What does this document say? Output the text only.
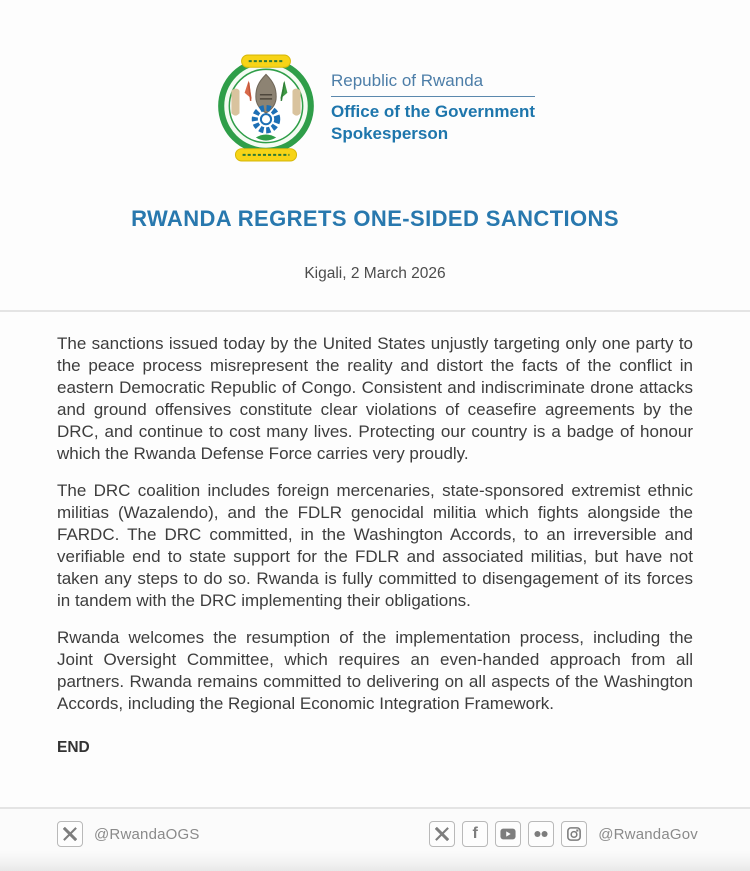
Republic of Rwanda
Office of the Government
Spokesperson
RWANDA REGRETS ONE-SIDED SANCTIONS
Kigali, 2 March 2026

The sanctions issued today by the United States unjustly targeting only one party to the peace process misrepresent the reality and distort the facts of the conflict in eastern Democratic Republic of Congo. Consistent and indiscriminate drone attacks and ground offensives constitute clear violations of ceasefire agreements by the DRC, and continue to cost many lives. Protecting our country is a badge of honour which the Rwanda Defense Force carries very proudly.

The DRC coalition includes foreign mercenaries, state-sponsored extremist ethnic militias (Wazalendo), and the FDLR genocidal militia which fights alongside the FARDC. The DRC committed, in the Washington Accords, to an irreversible and verifiable end to state support for the FDLR and associated militias, but have not taken any steps to do so. Rwanda is fully committed to disengagement of its forces in tandem with the DRC implementing their obligations.

Rwanda welcomes the resumption of the implementation process, including the Joint Oversight Committee, which requires an even-handed approach from all partners. Rwanda remains committed to delivering on all aspects of the Washington Accords, including the Regional Economic Integration Framework.

END
@RwandaOGS	f	@RwandaGov
